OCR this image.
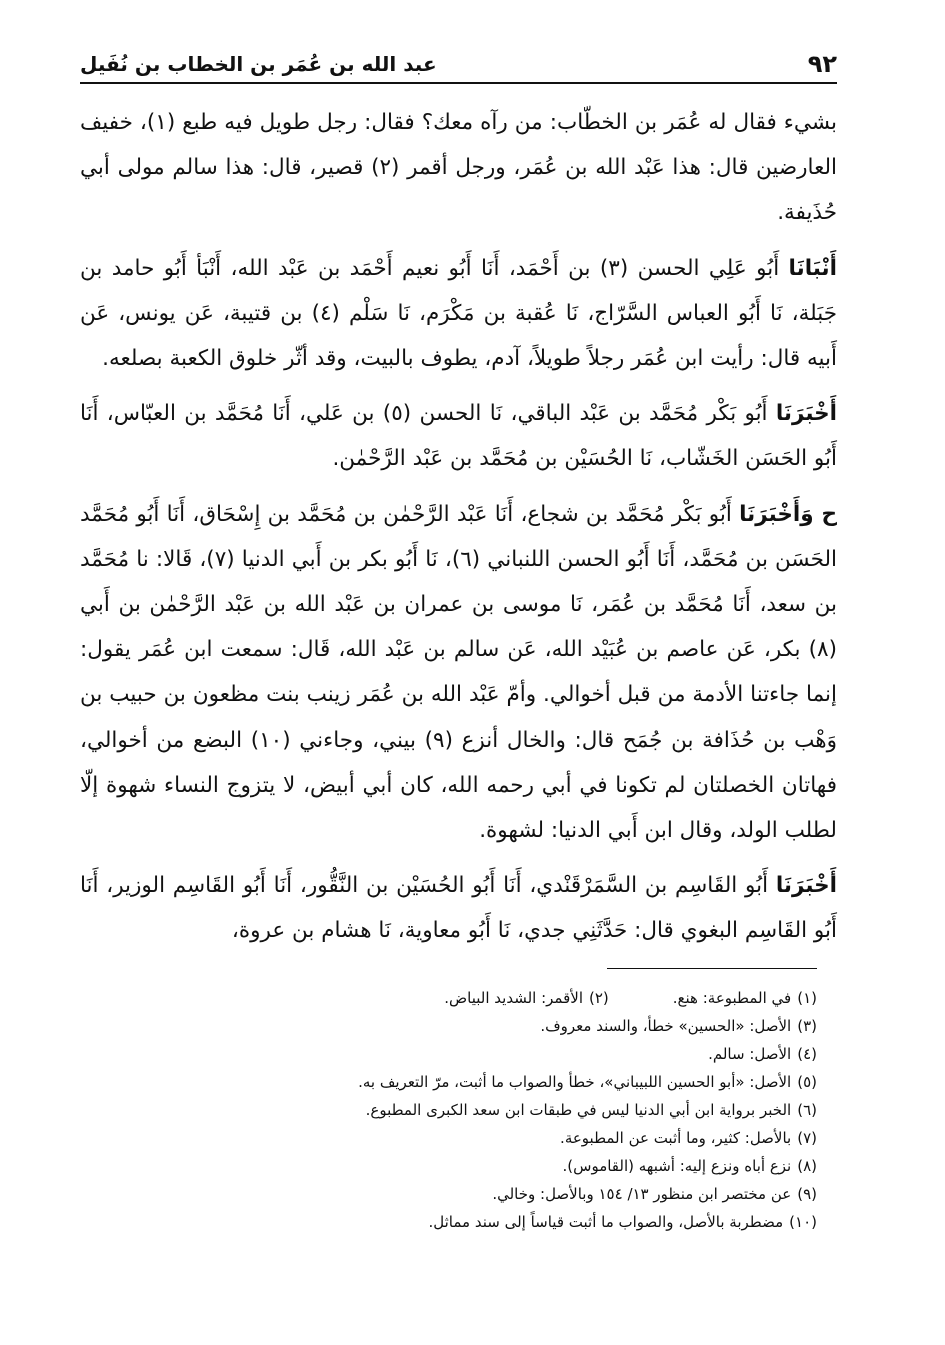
٩٢
عبد الله بن عُمَر بن الخطاب بن نُفَيل

بشيء فقال له عُمَر بن الخطّاب: من رآه معك؟ فقال: رجل طويل فيه طبع (١)، خفيف العارضين قال: هذا عَبْد الله بن عُمَر، ورجل أقمر (٢) قصير، قال: هذا سالم مولى أبي حُذَيفة.

أَنْبَانَا أَبُو عَلِي الحسن (٣) بن أَحْمَد، أَنَا أَبُو نعيم أَحْمَد بن عَبْد الله، أَنْبَأ أَبُو حامد بن جَبَلة، نَا أَبُو العباس السَّرّاج، نَا عُقبة بن مَكْرَم، نَا سَلْم (٤) بن قتيبة، عَن يونس، عَن أَبيه قال: رأيت ابن عُمَر رجلاً طويلاً، آدم، يطوف بالبيت، وقد أثّر خلوق الكعبة بصلعه.

أَخْبَرَنَا أَبُو بَكْر مُحَمَّد بن عَبْد الباقي، نَا الحسن (٥) بن عَلي، أَنَا مُحَمَّد بن العبّاس، أَنَا أَبُو الحَسَن الخَشّاب، نَا الحُسَيْن بن مُحَمَّد بن عَبْد الرَّحْمٰن.

ح وَأَخْبَرَنَا أَبُو بَكْر مُحَمَّد بن شجاع، أَنَا عَبْد الرَّحْمٰن بن مُحَمَّد بن إِسْحَاق، أَنَا أَبُو مُحَمَّد الحَسَن بن مُحَمَّد، أَنَا أَبُو الحسن اللنباني (٦)، نَا أَبُو بكر بن أَبي الدنيا (٧)، قَالا: نا مُحَمَّد بن سعد، أَنَا مُحَمَّد بن عُمَر، نَا موسى بن عمران بن عَبْد الله بن عَبْد الرَّحْمٰن بن أَبي (٨) بكر، عَن عاصم بن عُبَيْد الله، عَن سالم بن عَبْد الله، قَال: سمعت ابن عُمَر يقول: إنما جاءتنا الأدمة من قبل أخوالي. وأمّ عَبْد الله بن عُمَر زينب بنت مظعون بن حبيب بن وَهْب بن حُذَافة بن جُمَح قال: والخال أنزع (٩) بيني، وجاءني (١٠) البضع من أخوالي، فهاتان الخصلتان لم تكونا في أبي رحمه الله، كان أبي أبيض، لا يتزوج النساء شهوة إلّا لطلب الولد، وقال ابن أَبي الدنيا: لشهوة.

أَخْبَرَنَا أَبُو القَاسِم بن السَّمَرْقَنْدي، أَنَا أَبُو الحُسَيْن بن النَّقُّور، أَنَا أَبُو القَاسِم الوزير، أَنَا أَبُو القَاسِم البغوي قال: حَدَّثَنِي جدي، نَا أَبُو معاوية، نَا هشام بن عروة،

(١)في المطبوعة: هنع.
(٢)الأقمر: الشديد البياض.
(٣)الأصل: «الحسين» خطأ، والسند معروف.
(٤)الأصل: سالم.
(٥)الأصل: «أبو الحسين اللبيباني»، خطأ والصواب ما أثبت، مرّ التعريف به.
(٦)الخبر برواية ابن أبي الدنيا ليس في طبقات ابن سعد الكبرى المطبوع.
(٧)بالأصل: كثير، وما أثبت عن المطبوعة.
(٨)نزع أباه ونزع إليه: أشبهه (القاموس).
(٩)عن مختصر ابن منظور ١٣/ ١٥٤ وبالأصل: وخالي.
(١٠)مضطربة بالأصل، والصواب ما أثبت قياساً إلى سند مماثل.
